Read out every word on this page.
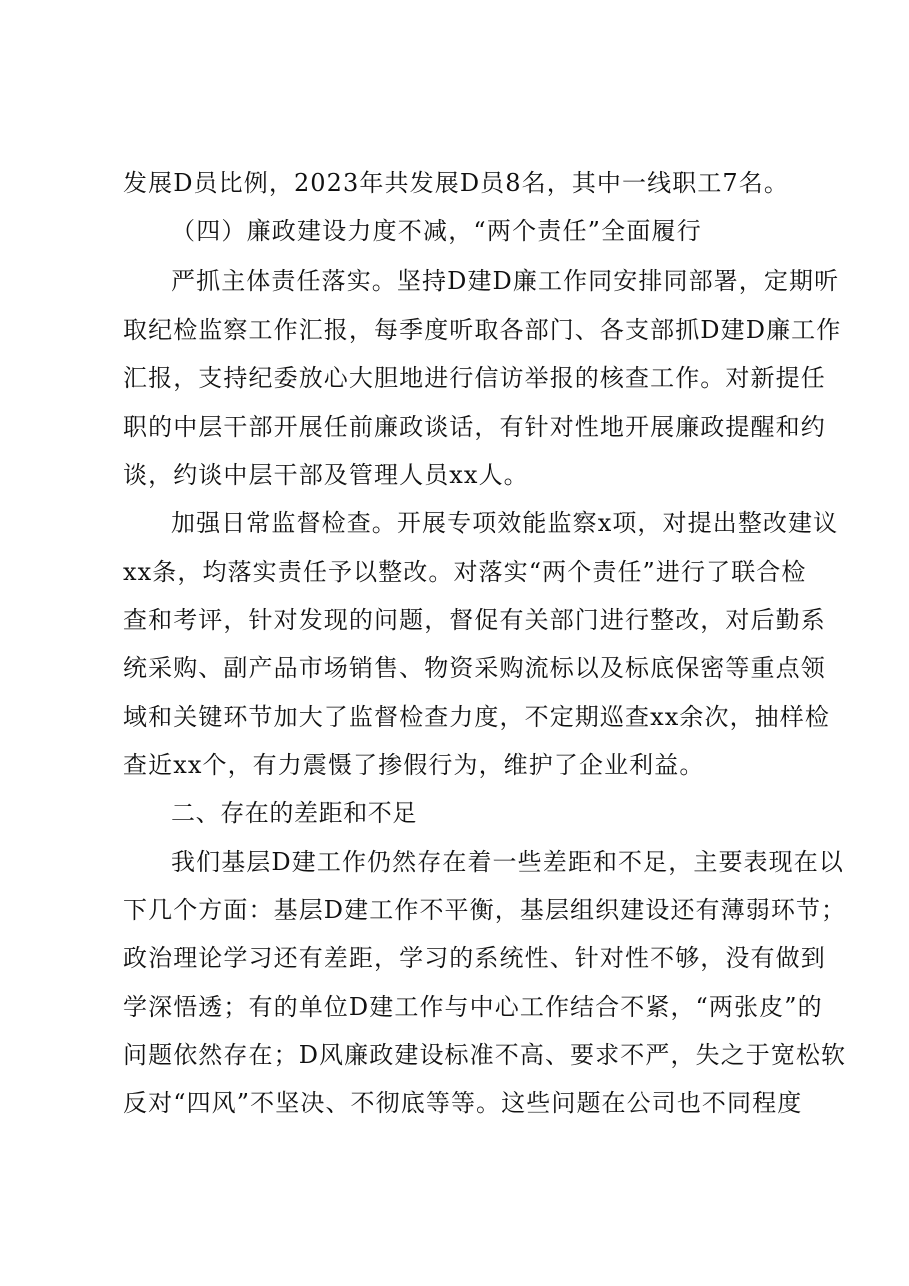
发展D员比例，2023年共发展D员8名，其中一线职工7名。

（四）廉政建设力度不减，“两个责任”全面履行

严抓主体责任落实。坚持D建D廉工作同安排同部署，定期听

取纪检监察工作汇报，每季度听取各部门、各支部抓D建D廉工作

汇报，支持纪委放心大胆地进行信访举报的核查工作。对新提任

职的中层干部开展任前廉政谈话，有针对性地开展廉政提醒和约

谈，约谈中层干部及管理人员xx人。

加强日常监督检查。开展专项效能监察x项，对提出整改建议

xx条，均落实责任予以整改。对落实“两个责任”进行了联合检

查和考评，针对发现的问题，督促有关部门进行整改，对后勤系

统采购、副产品市场销售、物资采购流标以及标底保密等重点领

域和关键环节加大了监督检查力度，不定期巡查xx余次，抽样检

查近xx个，有力震慑了掺假行为，维护了企业利益。

二、存在的差距和不足

我们基层D建工作仍然存在着一些差距和不足，主要表现在以

下几个方面：基层D建工作不平衡，基层组织建设还有薄弱环节；

政治理论学习还有差距，学习的系统性、针对性不够，没有做到

学深悟透；有的单位D建工作与中心工作结合不紧，“两张皮”的

问题依然存在；D风廉政建设标准不高、要求不严，失之于宽松软

反对“四风”不坚决、不彻底等等。这些问题在公司也不同程度
